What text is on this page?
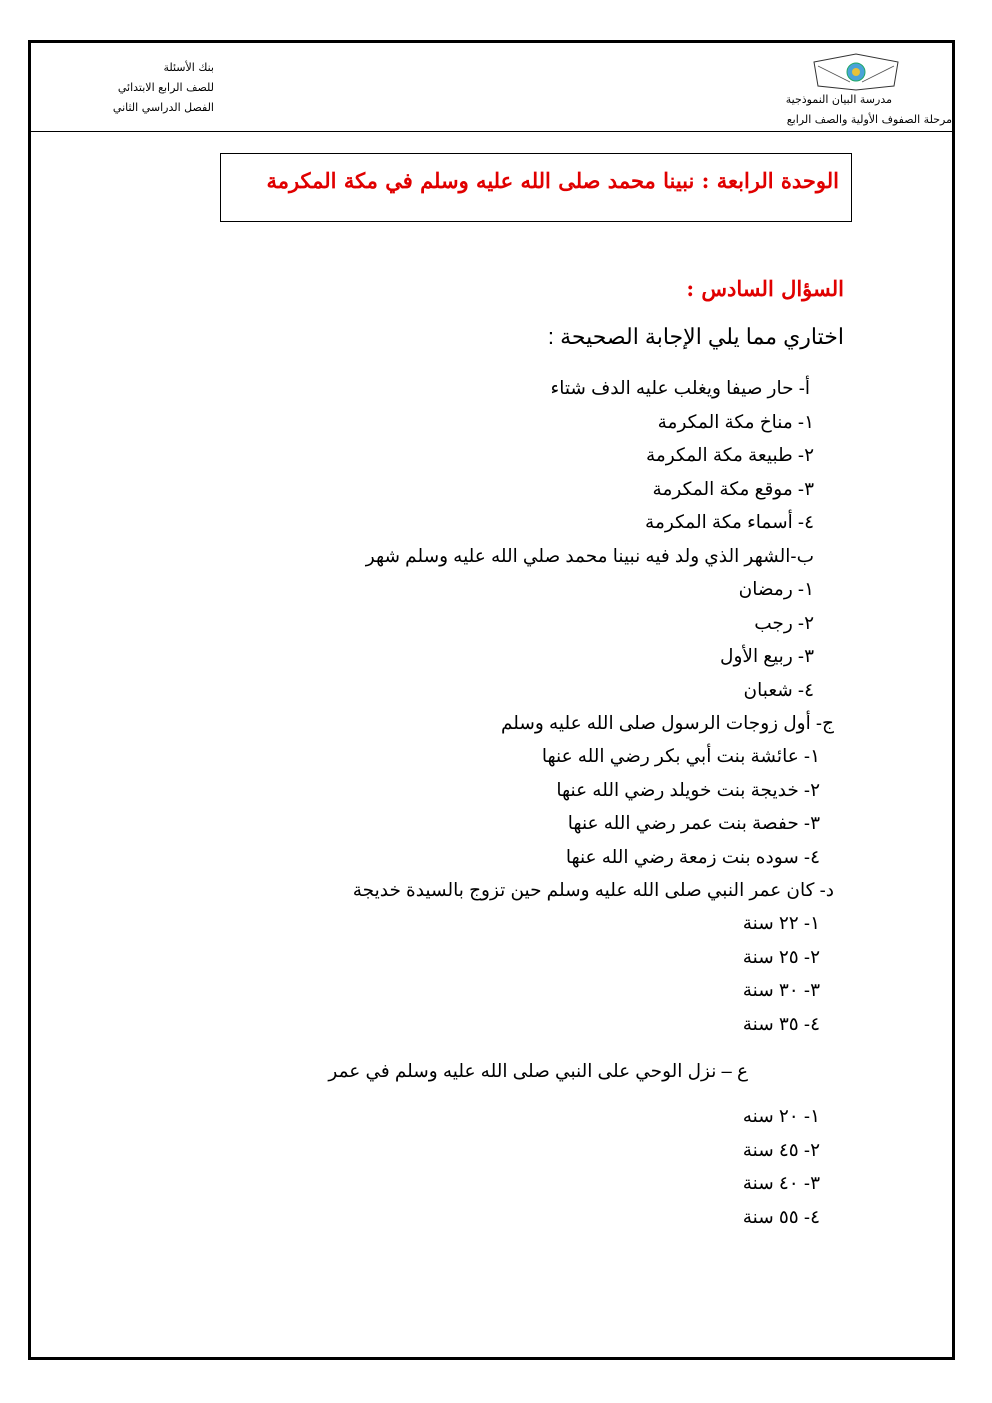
بنك الأسئلة
للصف الرابع الابتدائي
الفصل الدراسي الثاني
مدرسة البيان النموذجية
مرحلة الصفوف الأولية والصف الرابع
الوحدة الرابعة : نبينا محمد صلى الله عليه وسلم في مكة المكرمة
السؤال السادس :
اختاري مما يلي الإجابة الصحيحة :
أ- حار صيفا ويغلب عليه الدف شتاء
١- مناخ مكة المكرمة
٢- طبيعة مكة المكرمة
٣- موقع مكة المكرمة
٤- أسماء مكة المكرمة
ب-الشهر الذي ولد فيه نبينا محمد صلي الله عليه وسلم شهر
١- رمضان
٢- رجب
٣- ربيع الأول
٤- شعبان
ج- أول زوجات الرسول صلى الله عليه وسلم
١- عائشة بنت أبي بكر رضي الله عنها
٢- خديجة بنت خويلد رضي الله عنها
٣- حفصة بنت عمر رضي الله عنها
٤- سوده بنت زمعة رضي الله عنها
د- كان عمر النبي صلى الله عليه وسلم حين تزوج بالسيدة خديجة
١- ٢٢ سنة
٢- ٢٥ سنة
٣- ٣٠ سنة
٤- ٣٥ سنة
ع – نزل الوحي على النبي صلى الله عليه وسلم في عمر
١- ٢٠ سنه
٢- ٤٥ سنة
٣- ٤٠ سنة
٤- ٥٥ سنة
